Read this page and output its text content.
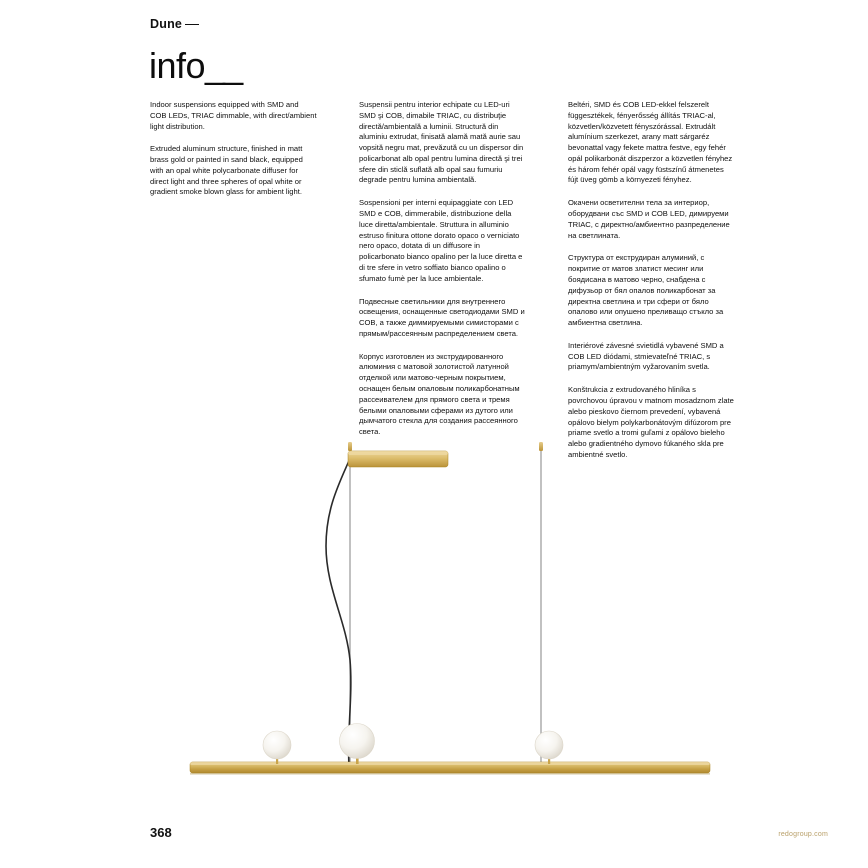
Dune
info__

Indoor suspensions equipped with SMD and COB LEDs, TRIAC dimmable, with direct/ambient light distribution.

Extruded aluminum structure, finished in matt brass gold or painted in sand black, equipped with an opal white polycarbonate diffuser for direct light and three spheres of opal white or gradient smoke blown glass for ambient light.

Suspensii pentru interior echipate cu LED-uri SMD şi COB, dimabile TRIAC, cu distribuţie directă/ambientală a luminii. Structură din aluminiu extrudat, finisată alamă mată aurie sau vopsită negru mat, prevăzută cu un dispersor din policarbonat alb opal pentru lumina directă şi trei sfere din sticlă suflată alb opal sau fumuriu degrade pentru lumina ambientală.

Sospensioni per interni equipaggiate con LED SMD e COB, dimmerabile, distribuzione della luce diretta/ambientale. Struttura in alluminio estruso finitura ottone dorato opaco o verniciato nero opaco, dotata di un diffusore in policarbonato bianco opalino per la luce diretta e di tre sfere in vetro soffiato bianco opalino o sfumato fumè per la luce ambientale.

Подвесные светильники для внутреннего освещения, оснащенные светодиодами SMD и COB, а также диммируемыми симисторами с прямым/рассеянным распределением света.

Корпус изготовлен из экструдированного алюминия с матовой золотистой латунной отделкой или матово-черным покрытием, оснащен белым опаловым поликарбонатным рассеивателем для прямого света и тремя белыми опаловыми сферами из дутого или дымчатого стекла для создания рассеянного света.

Beltéri, SMD és COB LED-ekkel felszerelt függesztékek, fényerősség állítás TRIAC-al, közvetlen/közvetett fényszórással. Extrudált alumínium szerkezet, arany matt sárgaréz bevonattal vagy fekete mattra festve, egy fehér opál polikarbonát diszperzor a közvetlen fényhez és három fehér opál vagy füstszínű átmenetes fújt üveg gömb a környezeti fényhez.

Окачени осветителни тела за интериор, оборудвани със SMD и COB LED, димируеми TRIAC, с директно/амбиентно разпределение на светлината.

Структура от екструдиран алуминий, с покритие от матов златист месинг или боядисана в матово черно, снабдена с дифузьор от бял опалов поликарбонат за директна светлина и три сфери от бяло опалово или опушено преливащо стъкло за амбиентна светлина.

Interiérové závesné svietidlá vybavené SMD a COB LED diódami, stmievateľné TRIAC, s priamym/ambientným vyžarovaním svetla.

Konštrukcia z extrudovaného hliníka s povrchovou úpravou v matnom mosadznom zlate alebo pieskovo čiernom prevedení, vybavená opálovo bielym polykarbonátovým difúzorom pre priame svetlo a tromi guľami z opálovo bieleho alebo gradientného dymovo fúkaného skla pre ambientné svetlo.

368	redogroup.com
